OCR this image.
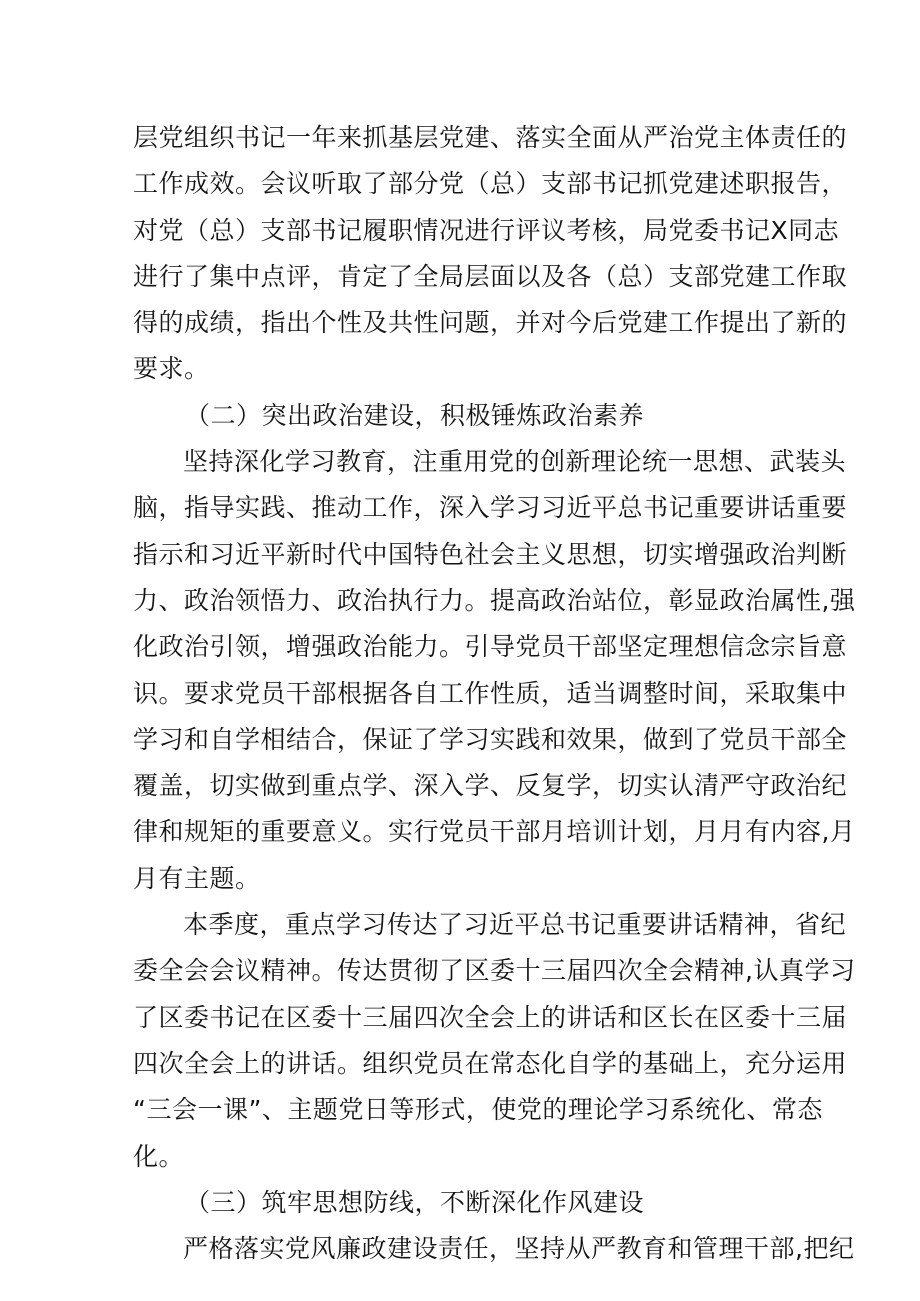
层党组织书记一年来抓基层党建、落实全面从严治党主体责任的
工作成效。会议听取了部分党（总）支部书记抓党建述职报告，
对党（总）支部书记履职情况进行评议考核，局党委书记X同志
进行了集中点评，肯定了全局层面以及各（总）支部党建工作取
得的成绩，指出个性及共性问题，并对今后党建工作提出了新的
要求。
（二）突出政治建设，积极锤炼政治素养
坚持深化学习教育，注重用党的创新理论统一思想、武装头
脑，指导实践、推动工作，深入学习习近平总书记重要讲话重要
指示和习近平新时代中国特色社会主义思想，切实增强政治判断
力、政治领悟力、政治执行力。提高政治站位，彰显政治属性,强
化政治引领，增强政治能力。引导党员干部坚定理想信念宗旨意
识。要求党员干部根据各自工作性质，适当调整时间，采取集中
学习和自学相结合，保证了学习实践和效果，做到了党员干部全
覆盖，切实做到重点学、深入学、反复学，切实认清严守政治纪
律和规矩的重要意义。实行党员干部月培训计划，月月有内容,月
月有主题。
本季度，重点学习传达了习近平总书记重要讲话精神，省纪
委全会会议精神。传达贯彻了区委十三届四次全会精神,认真学习
了区委书记在区委十三届四次全会上的讲话和区长在区委十三届
四次全会上的讲话。组织党员在常态化自学的基础上，充分运用
“三会一课”、主题党日等形式，使党的理论学习系统化、常态
化。
（三）筑牢思想防线，不断深化作风建设
严格落实党风廉政建设责任，坚持从严教育和管理干部,把纪
